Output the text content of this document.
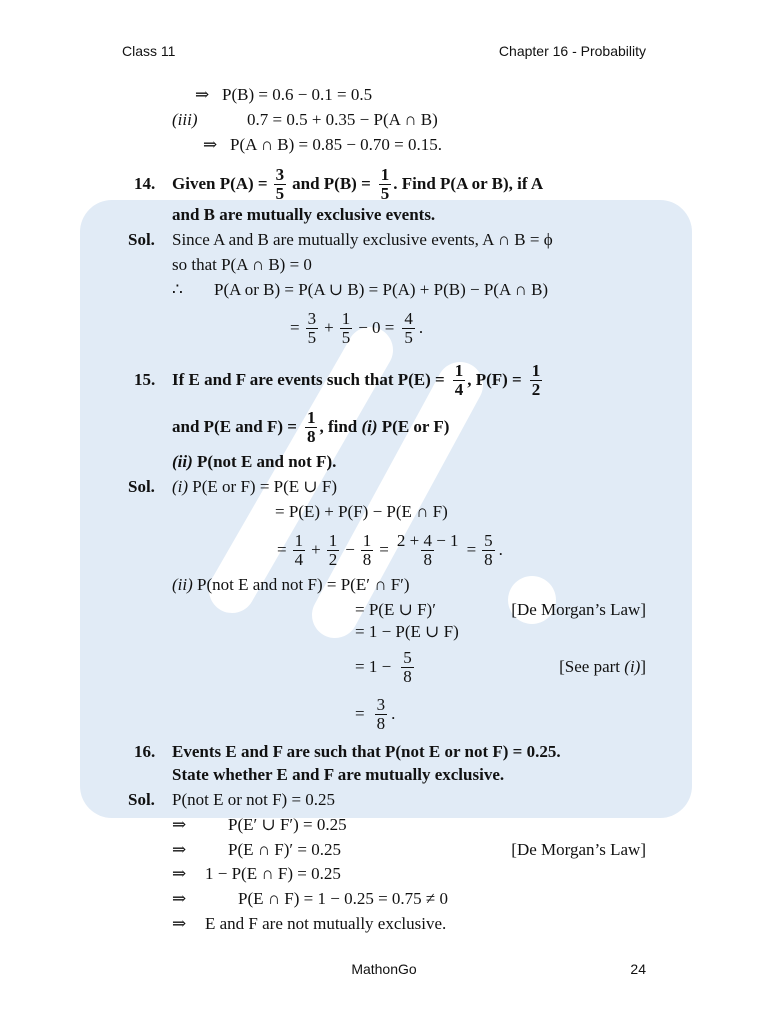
Class 11	Chapter 16 - Probability
⇒   P(B) = 0.6 − 0.1 = 0.5
(iii)	0.7 = 0.5 + 0.35 − P(A ∩ B)
⇒   P(A ∩ B) = 0.85 − 0.70 = 0.15.
14. Given $P(A) = \frac{3}{5}$ and $P(B) = \frac{1}{5}$ . Find P(A or B), if A
and B are mutually exclusive events.
Sol. Since A and B are mutually exclusive events, A ∩ B = ϕ
so that P(A ∩ B) = 0
∴ P(A or B) = P(A ∪ B) = P(A) + P(B) − P(A ∩ B)
= $\frac{3}{5} + \frac{1}{5} - 0 = \frac{4}{5}$ .
15. If E and F are events such that $P(E) = \frac{1}{4}$ , $P(F) = \frac{1}{2}$
and P(E and $F) = \frac{1}{8}$ , find
(i)
P(E or F)
(ii) P(not E and not F).
Sol. (i) P(E or F) = P(E ∪ F)
= P(E) + P(F) − P(E ∩ F)
= $\frac{1}{4} + \frac{1}{2} - \frac{1}{8} = \frac{2 + 4 - 1}{8} = \frac{5}{8}$ .
(ii) P(not E and not F) = P(E′ ∩ F′)
= P(E ∪ F)′	[De Morgan’s Law]
= 1 − P(E ∪ F)
= $1 - \frac{5}{8}$	[See part (i)]
= $\frac{3}{8}$ .
16. Events E and F are such that P(not E or not F) = 0.25.
State whether E and F are mutually exclusive.
Sol. P(not E or not F) = 0.25
⇒ P(E′ ∪ F′) = 0.25
⇒ P(E ∩ F)′ = 0.25	[De Morgan’s Law]
⇒ 1 − P(E ∩ F) = 0.25
⇒	P(E ∩ F) = 1 − 0.25 = 0.75 ≠ 0
⇒ E and F are not mutually exclusive.
MathonGo	24
